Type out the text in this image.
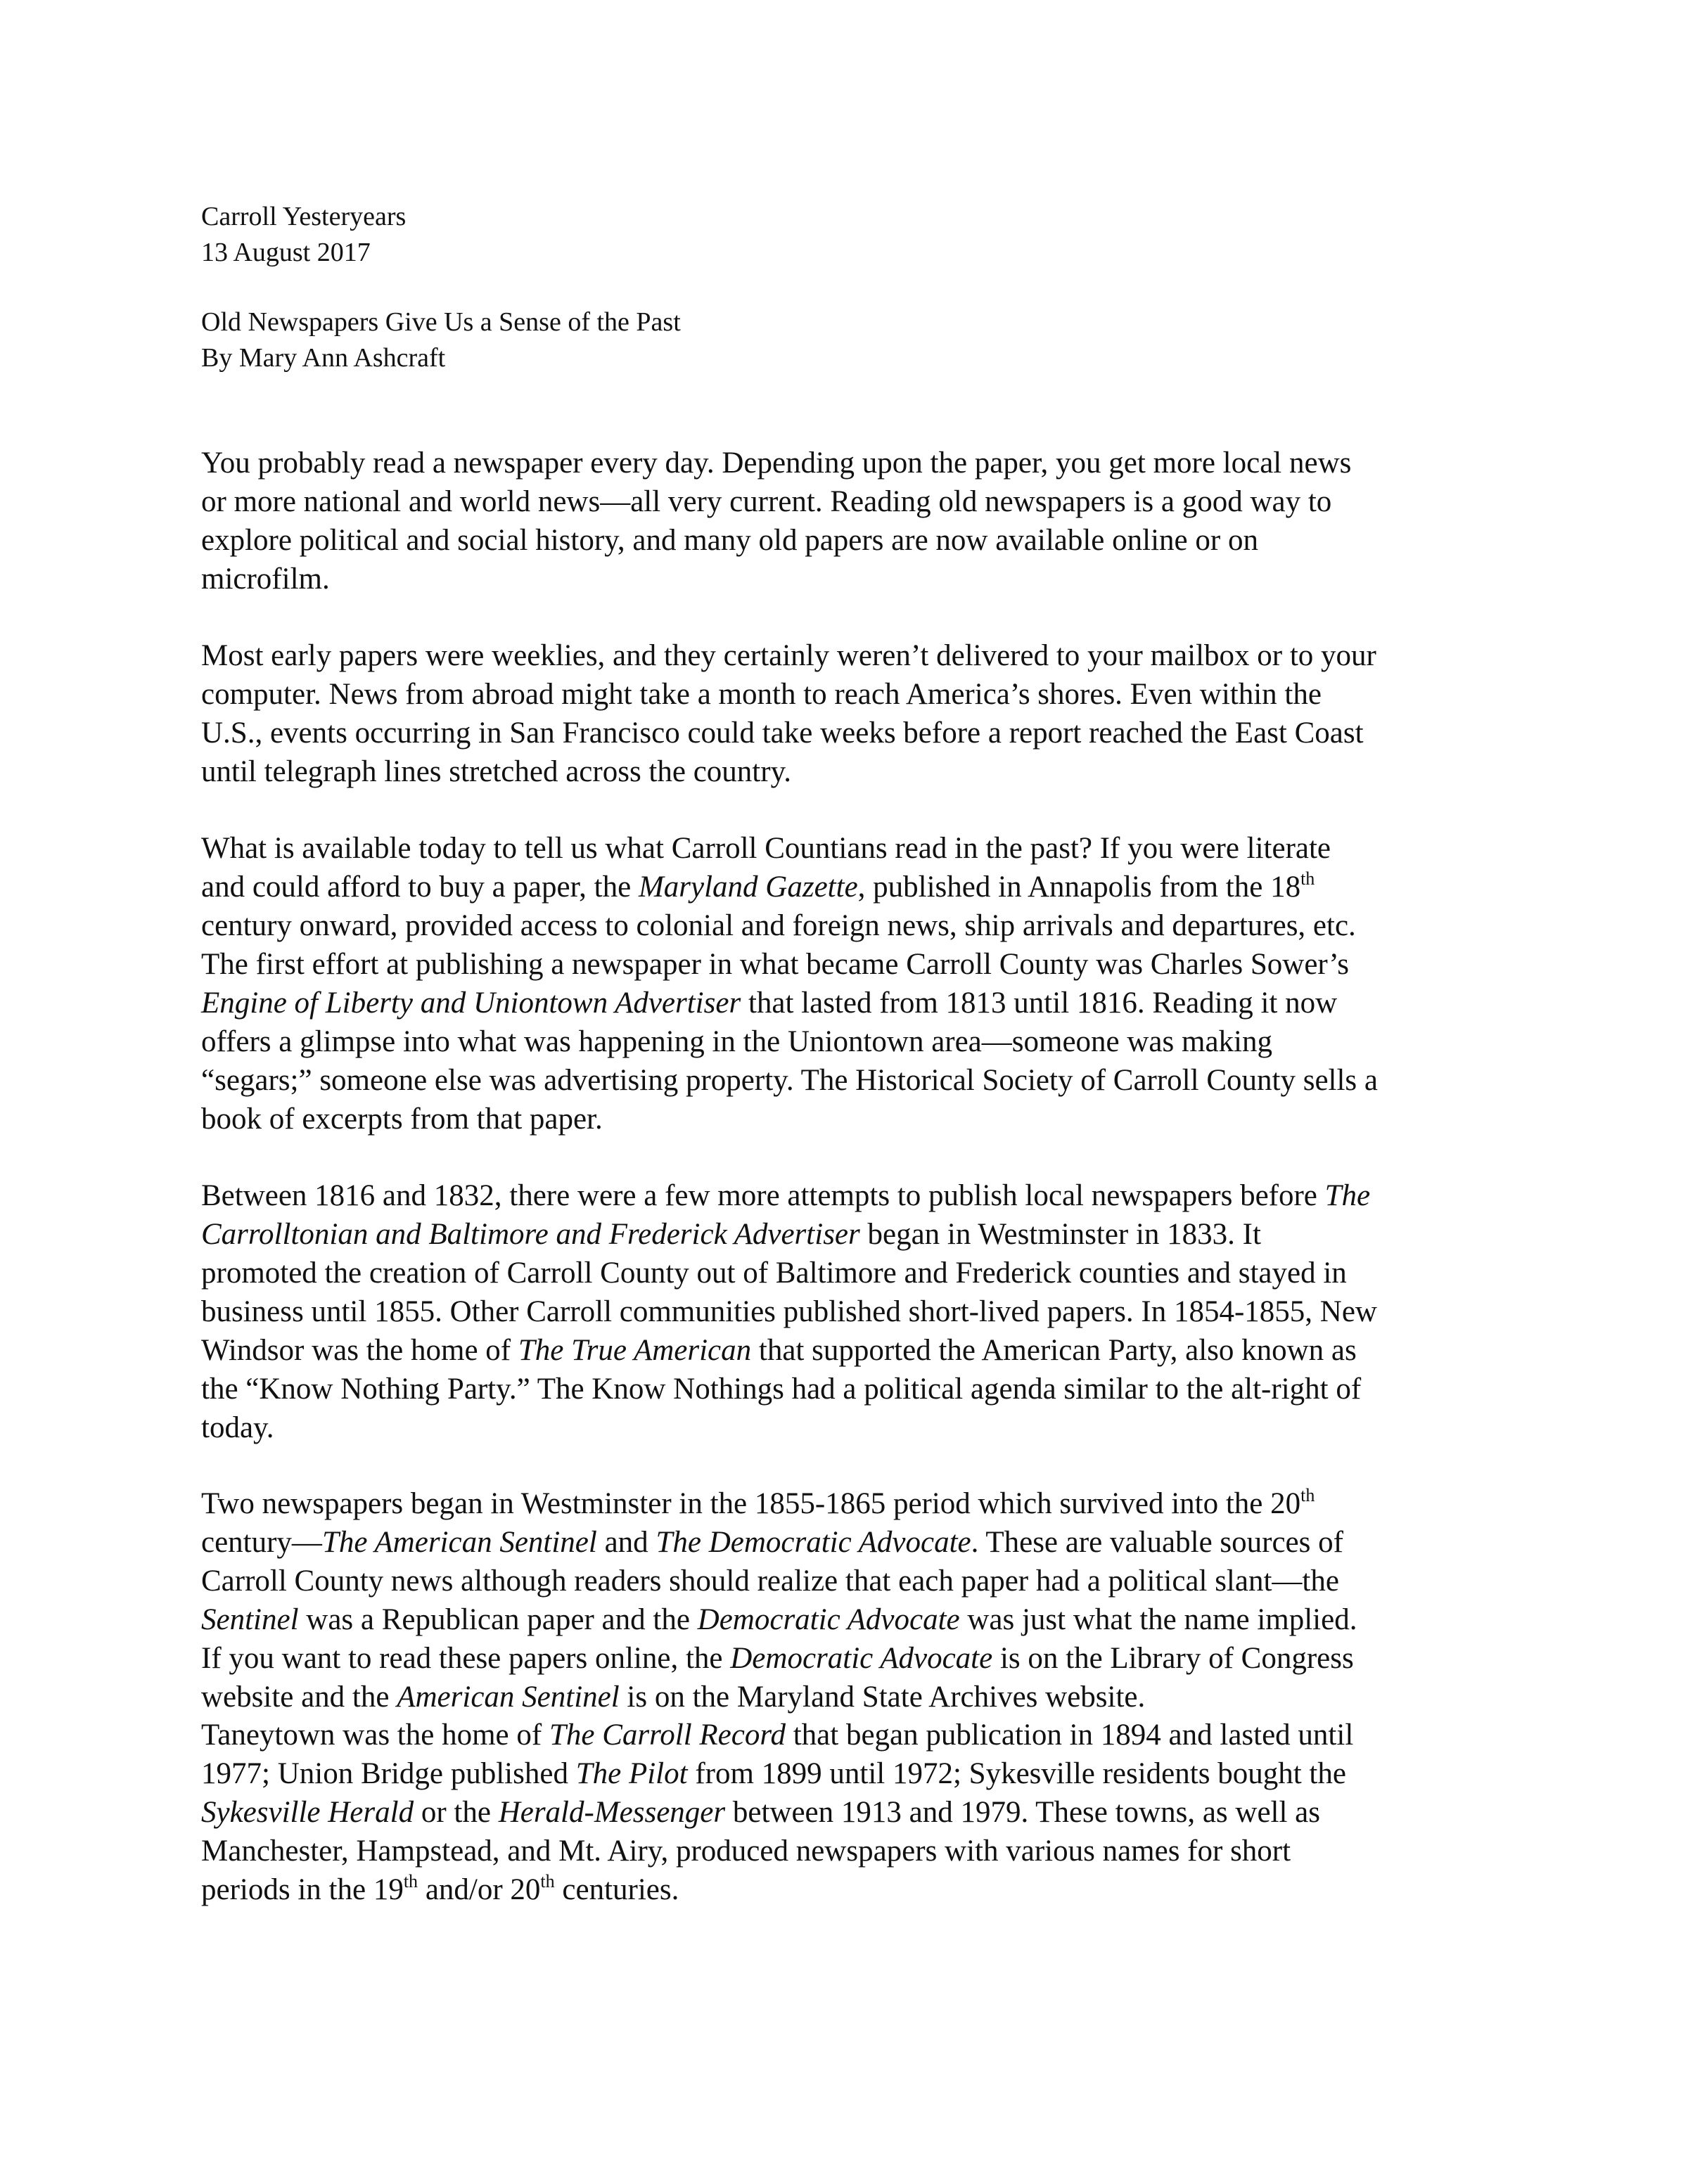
Carroll Yesteryears
13 August 2017
Old Newspapers Give Us a Sense of the Past
By Mary Ann Ashcraft

You probably read a newspaper every day. Depending upon the paper, you get more local news
or more national and world news—all very current. Reading old newspapers is a good way to
explore political and social history, and many old papers are now available online or on
microfilm.

Most early papers were weeklies, and they certainly weren’t delivered to your mailbox or to your
computer. News from abroad might take a month to reach America’s shores. Even within the
U.S., events occurring in San Francisco could take weeks before a report reached the East Coast
until telegraph lines stretched across the country.

What is available today to tell us what Carroll Countians read in the past? If you were literate
and could afford to buy a paper, the Maryland Gazette, published in Annapolis from the 18th
century onward, provided access to colonial and foreign news, ship arrivals and departures, etc.
The first effort at publishing a newspaper in what became Carroll County was Charles Sower’s
Engine of Liberty and Uniontown Advertiser that lasted from 1813 until 1816. Reading it now
offers a glimpse into what was happening in the Uniontown area—someone was making
“segars;” someone else was advertising property. The Historical Society of Carroll County sells a
book of excerpts from that paper.

Between 1816 and 1832, there were a few more attempts to publish local newspapers before The
Carrolltonian and Baltimore and Frederick Advertiser began in Westminster in 1833. It
promoted the creation of Carroll County out of Baltimore and Frederick counties and stayed in
business until 1855. Other Carroll communities published short-lived papers. In 1854-1855, New
Windsor was the home of The True American that supported the American Party, also known as
the “Know Nothing Party.” The Know Nothings had a political agenda similar to the alt-right of
today.

Two newspapers began in Westminster in the 1855-1865 period which survived into the 20th
century—The American Sentinel and The Democratic Advocate. These are valuable sources of
Carroll County news although readers should realize that each paper had a political slant—the
Sentinel was a Republican paper and the Democratic Advocate was just what the name implied.
If you want to read these papers online, the Democratic Advocate is on the Library of Congress
website and the American Sentinel is on the Maryland State Archives website.

Taneytown was the home of The Carroll Record that began publication in 1894 and lasted until
1977; Union Bridge published The Pilot from 1899 until 1972; Sykesville residents bought the
Sykesville Herald or the Herald-Messenger between 1913 and 1979. These towns, as well as
Manchester, Hampstead, and Mt. Airy, produced newspapers with various names for short
periods in the 19th and/or 20th centuries.
